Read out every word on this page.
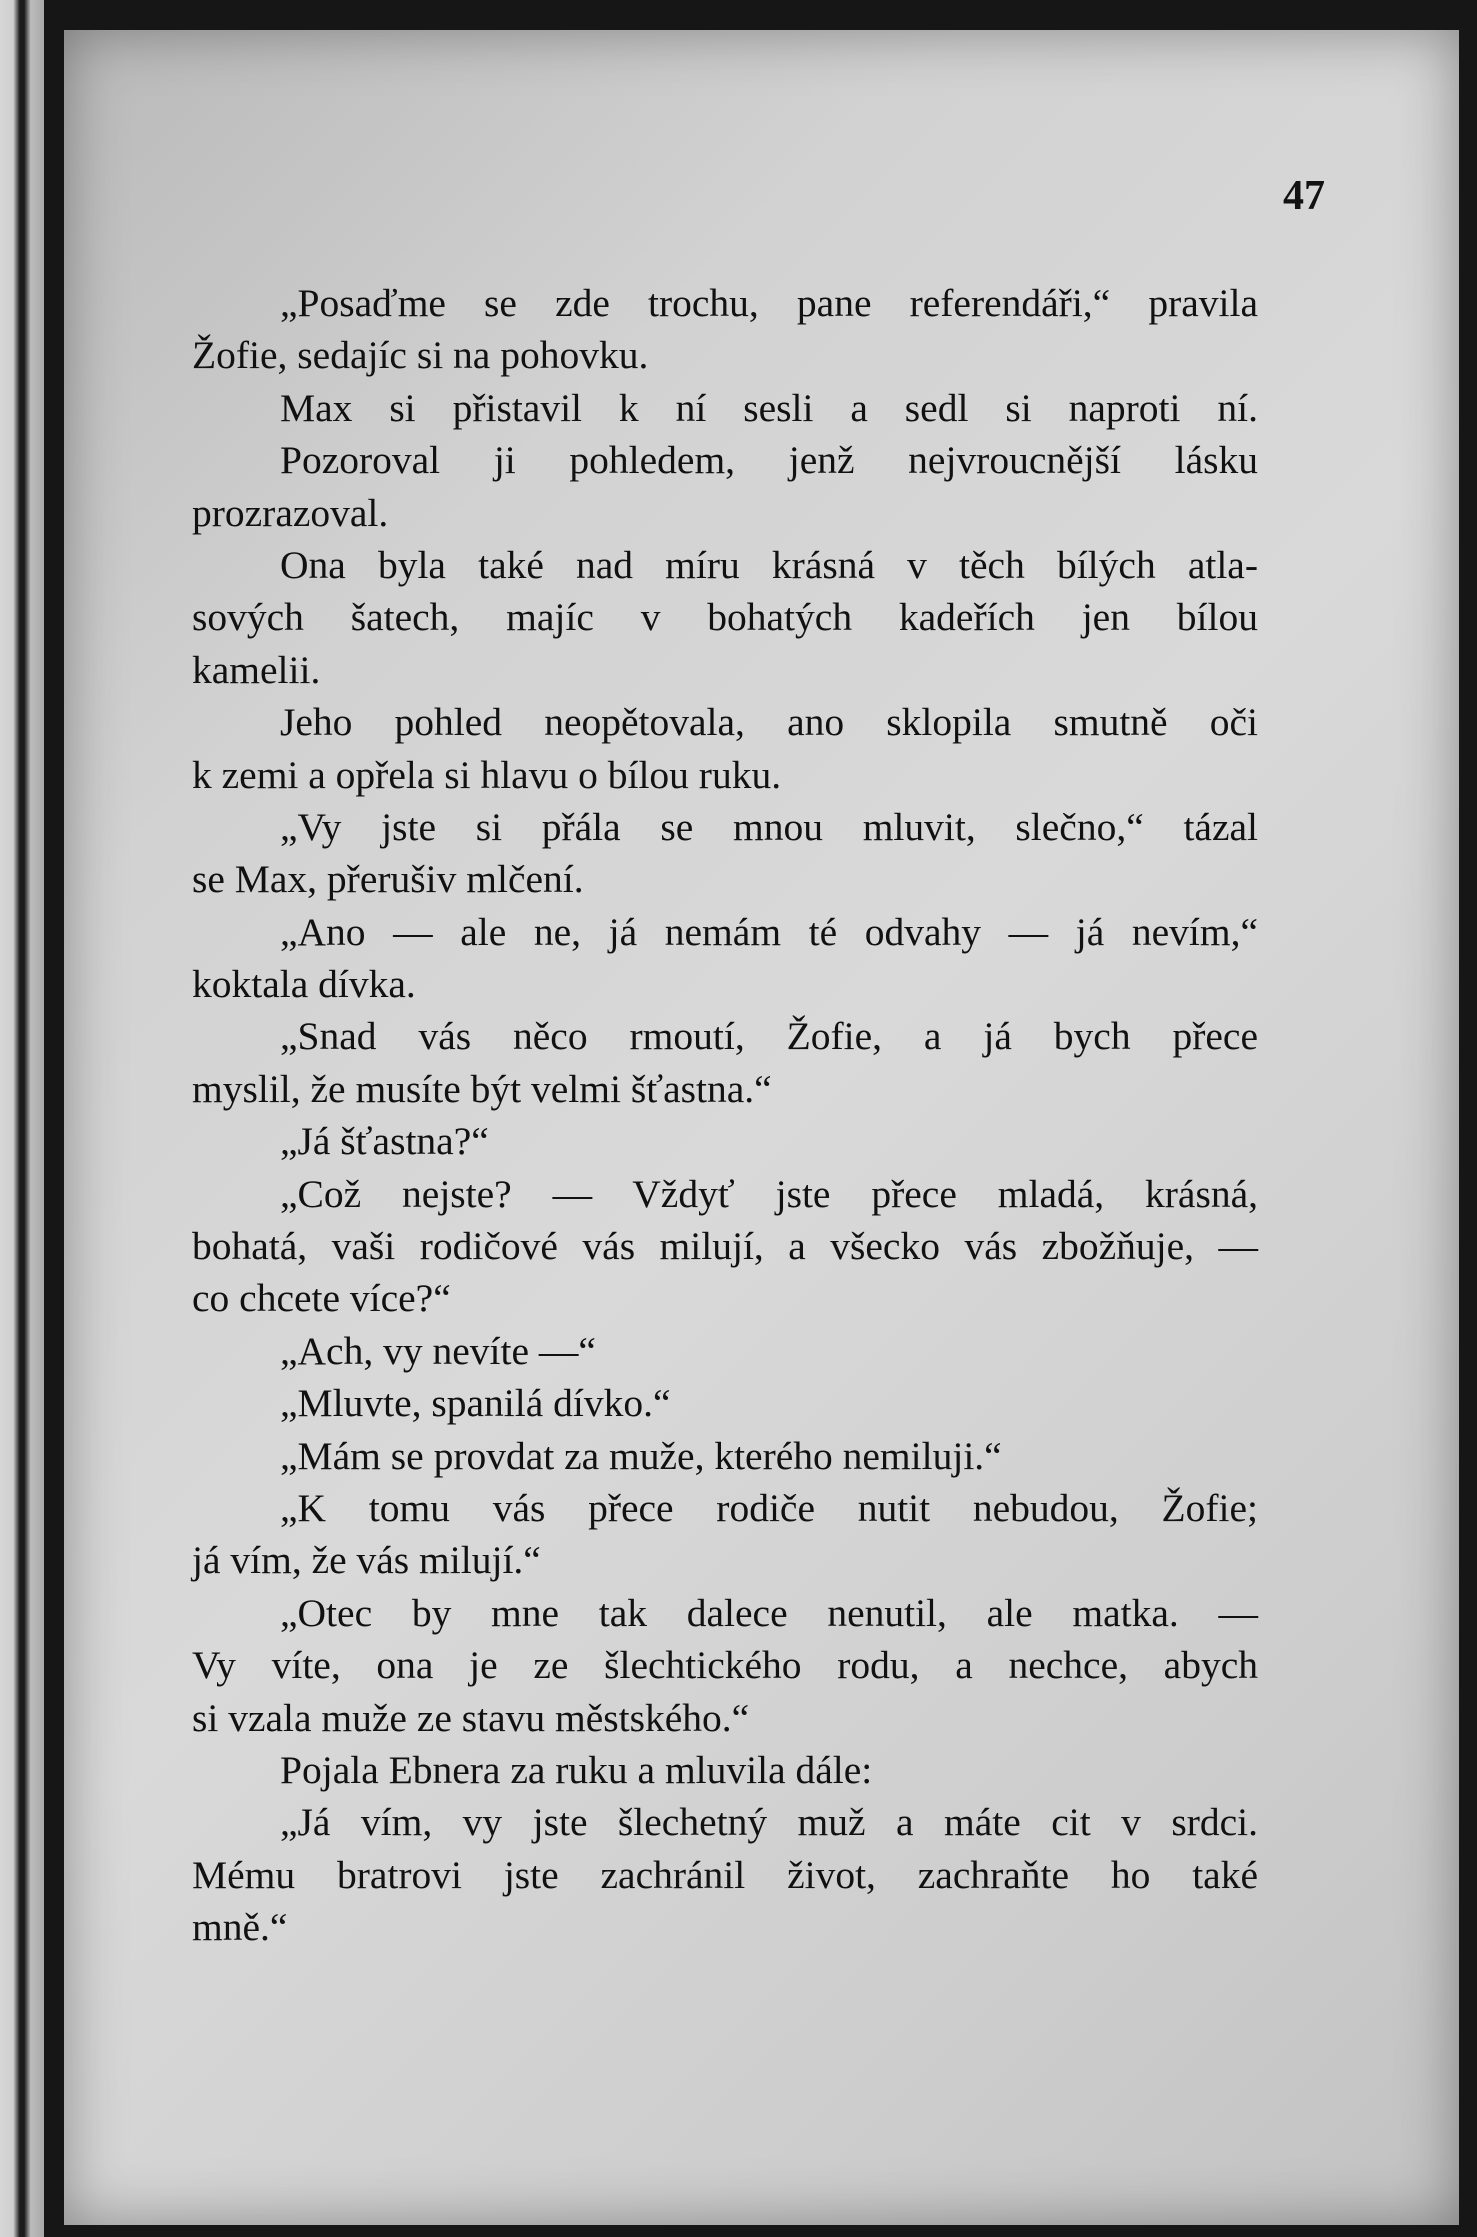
47
„Posaďme se zde trochu, pane referendáři,“ pravila
Žofie, sedajíc si na pohovku.
Max si přistavil k ní sesli a sedl si naproti ní.
Pozoroval ji pohledem, jenž nejvroucnější lásku
prozrazoval.
Ona byla také nad míru krásná v těch bílých atla-
sových šatech, majíc v bohatých kadeřích jen bílou
kamelii.
Jeho pohled neopětovala, ano sklopila smutně oči
k zemi a opřela si hlavu o bílou ruku.
„Vy jste si přála se mnou mluvit, slečno,“ tázal
se Max, přerušiv mlčení.
„Ano — ale ne, já nemám té odvahy — já nevím,“
koktala dívka.
„Snad vás něco rmoutí, Žofie, a já bych přece
myslil, že musíte být velmi šťastna.“
„Já šťastna?“
„Což nejste? — Vždyť jste přece mladá, krásná,
bohatá, vaši rodičové vás milují, a všecko vás zbožňuje, —
co chcete více?“
„Ach, vy nevíte —“
„Mluvte, spanilá dívko.“
„Mám se provdat za muže, kterého nemiluji.“
„K tomu vás přece rodiče nutit nebudou, Žofie;
já vím, že vás milují.“
„Otec by mne tak dalece nenutil, ale matka. —
Vy víte, ona je ze šlechtického rodu, a nechce, abych
si vzala muže ze stavu městského.“
Pojala Ebnera za ruku a mluvila dále:
„Já vím, vy jste šlechetný muž a máte cit v srdci.
Mému bratrovi jste zachránil život, zachraňte ho také
mně.“
